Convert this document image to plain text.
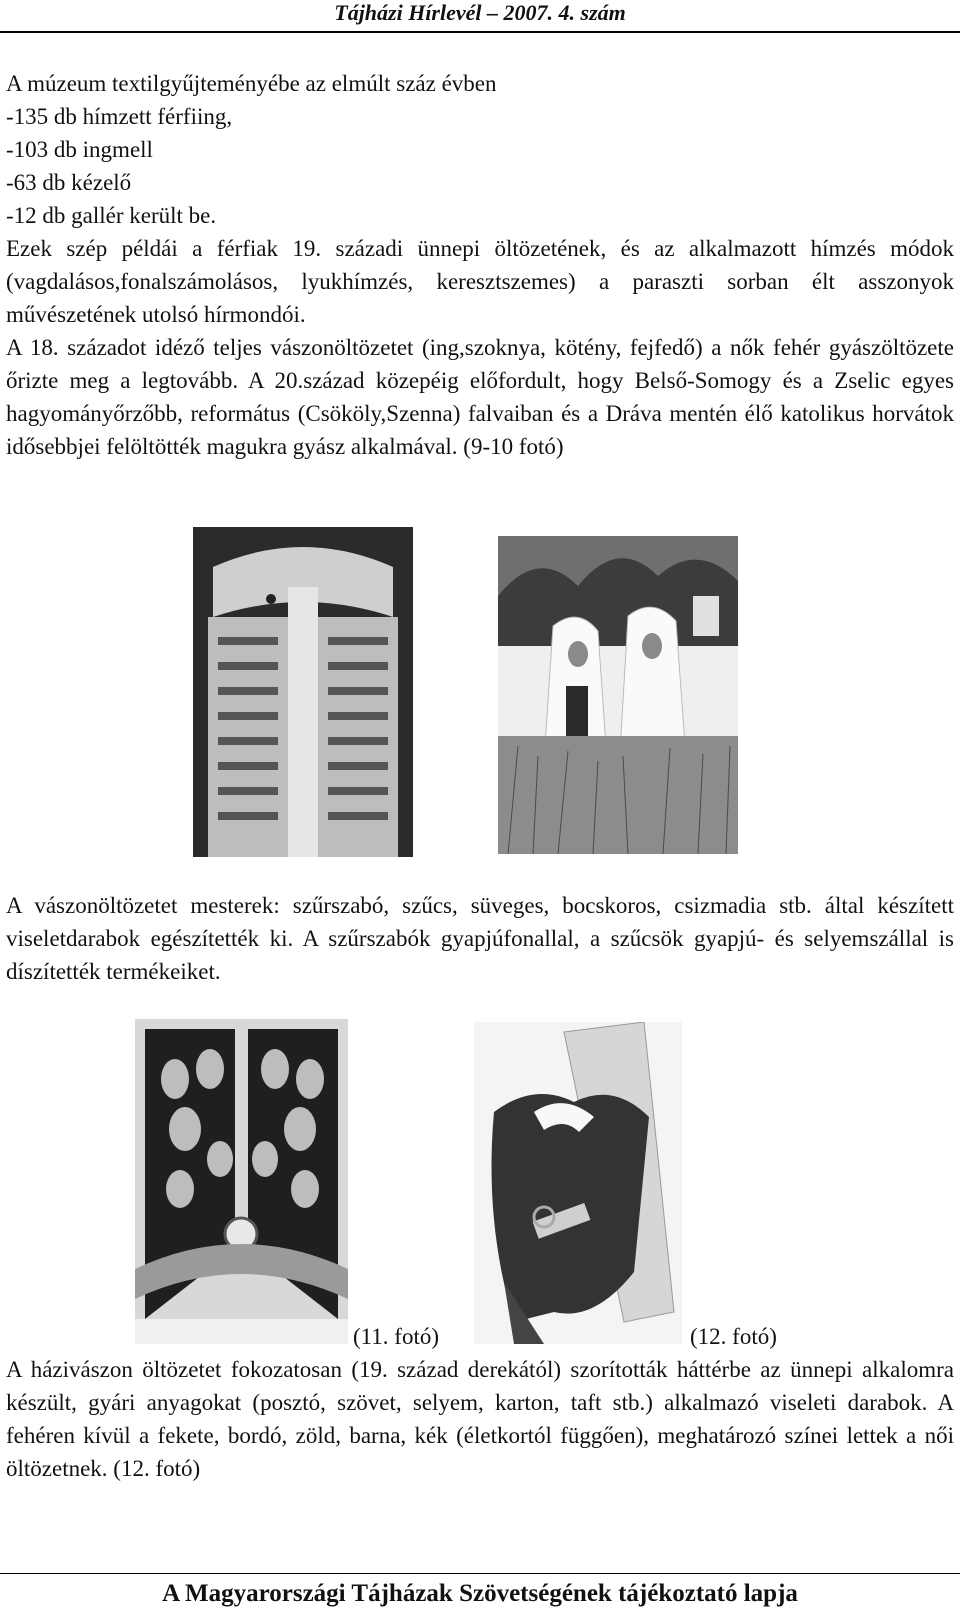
Tájházi Hírlevél – 2007. 4. szám
A múzeum textilgyűjteményébe az elmúlt száz évben
-135 db hímzett férfiing,
-103 db ingmell
-63 db kézelő
-12 db gallér került be.
Ezek szép példái a férfiak 19. századi ünnepi öltözetének, és az alkalmazott hímzés módok (vagdalásos,fonalszámolásos, lyukhímzés, keresztszemes) a paraszti sorban élt asszonyok művészetének utolsó hírmondói.
A 18. századot idéző teljes vászonöltözetet (ing,szoknya, kötény, fejfedő) a nők fehér gyászöltözete őrizte meg a legtovább. A 20.század közepéig előfordult, hogy Belső-Somogy és a Zselic egyes hagyományőrzőbb, református (Csököly,Szenna) falvaiban és a Dráva mentén élő katolikus horvátok idősebbjei felöltötték magukra gyász alkalmával. (9-10 fotó)
A vászonöltözetet mesterek: szűrszabó, szűcs, süveges, bocskoros, csizmadia stb. által készített viseletdarabok egészítették ki. A szűrszabók gyapjúfonallal, a szűcsök gyapjú- és selyemszállal is díszítették termékeiket.
(11. fotó)	(12. fotó)
A házivászon öltözetet fokozatosan (19. század derekától) szorították háttérbe az ünnepi alkalomra készült, gyári anyagokat (posztó, szövet, selyem, karton, taft stb.) alkalmazó viseleti darabok. A fehéren kívül a fekete, bordó, zöld, barna, kék (életkortól függően), meghatározó színei lettek a női öltözetnek. (12. fotó)
A Magyarországi Tájházak Szövetségének tájékoztató lapja
